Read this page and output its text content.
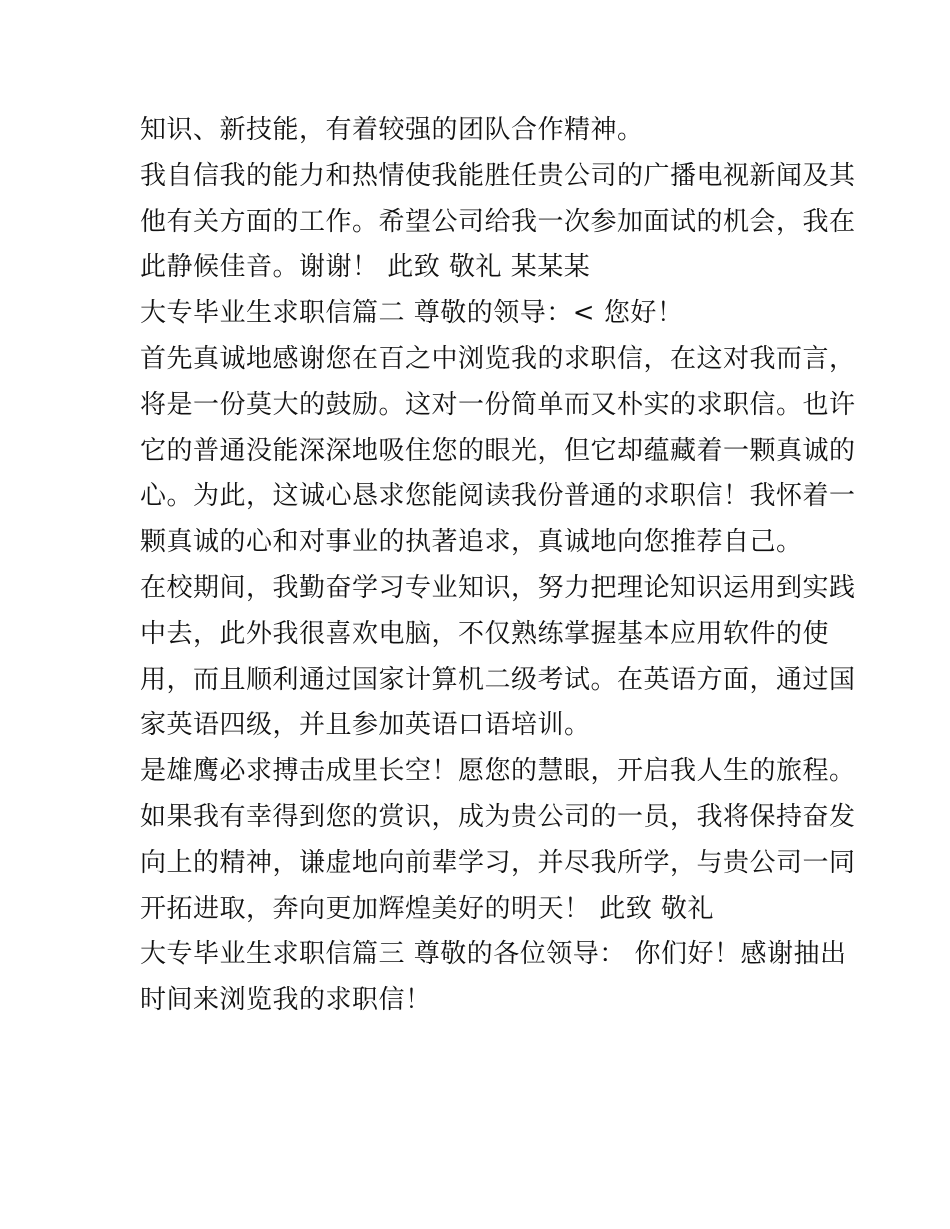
知识、新技能，有着较强的团队合作精神。
我自信我的能力和热情使我能胜任贵公司的广播电视新闻及其
他有关方面的工作。希望公司给我一次参加面试的机会，我在
此静候佳音。谢谢！ 此致 敬礼 某某某
大专毕业生求职信篇二 尊敬的领导：< 您好！
首先真诚地感谢您在百之中浏览我的求职信，在这对我而言，
将是一份莫大的鼓励。这对一份简单而又朴实的求职信。也许
它的普通没能深深地吸住您的眼光，但它却蕴藏着一颗真诚的
心。为此，这诚心恳求您能阅读我份普通的求职信！我怀着一
颗真诚的心和对事业的执著追求，真诚地向您推荐自己。
在校期间，我勤奋学习专业知识，努力把理论知识运用到实践
中去，此外我很喜欢电脑，不仅熟练掌握基本应用软件的使
用，而且顺利通过国家计算机二级考试。在英语方面，通过国
家英语四级，并且参加英语口语培训。
是雄鹰必求搏击成里长空！愿您的慧眼，开启我人生的旅程。
如果我有幸得到您的赏识，成为贵公司的一员，我将保持奋发
向上的精神，谦虚地向前辈学习，并尽我所学，与贵公司一同
开拓进取，奔向更加辉煌美好的明天！ 此致 敬礼
大专毕业生求职信篇三 尊敬的各位领导： 你们好！感谢抽出
时间来浏览我的求职信！
